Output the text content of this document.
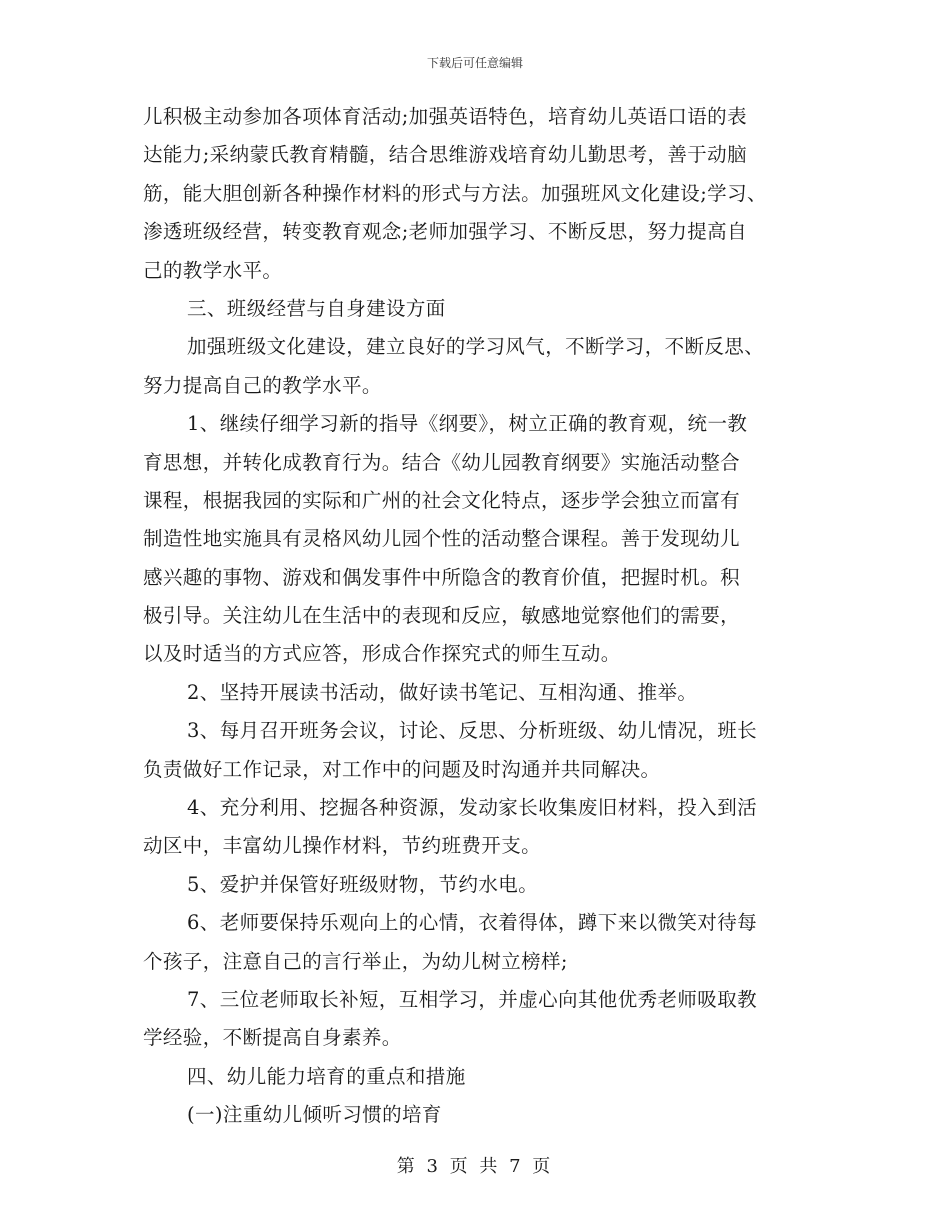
下载后可任意编辑
儿积极主动参加各项体育活动;加强英语特色，培育幼儿英语口语的表
达能力;采纳蒙氏教育精髓，结合思维游戏培育幼儿勤思考，善于动脑
筋，能大胆创新各种操作材料的形式与方法。加强班风文化建设;学习、
渗透班级经营，转变教育观念;老师加强学习、不断反思，努力提高自
己的教学水平。
三、班级经营与自身建设方面
加强班级文化建设，建立良好的学习风气，不断学习，不断反思、
努力提高自己的教学水平。
1、继续仔细学习新的指导《纲要》，树立正确的教育观，统一教
育思想，并转化成教育行为。结合《幼儿园教育纲要》实施活动整合
课程，根据我园的实际和广州的社会文化特点，逐步学会独立而富有
制造性地实施具有灵格风幼儿园个性的活动整合课程。善于发现幼儿
感兴趣的事物、游戏和偶发事件中所隐含的教育价值，把握时机。积
极引导。关注幼儿在生活中的表现和反应，敏感地觉察他们的需要，
以及时适当的方式应答，形成合作探究式的师生互动。
2、坚持开展读书活动，做好读书笔记、互相沟通、推举。
3、每月召开班务会议，讨论、反思、分析班级、幼儿情况，班长
负责做好工作记录，对工作中的问题及时沟通并共同解决。
4、充分利用、挖掘各种资源，发动家长收集废旧材料，投入到活
动区中，丰富幼儿操作材料，节约班费开支。
5、爱护并保管好班级财物，节约水电。
6、老师要保持乐观向上的心情，衣着得体，蹲下来以微笑对待每
个孩子，注意自己的言行举止，为幼儿树立榜样;
7、三位老师取长补短，互相学习，并虚心向其他优秀老师吸取教
学经验，不断提高自身素养。
四、幼儿能力培育的重点和措施
(一)注重幼儿倾听习惯的培育
第 3 页 共 7 页
